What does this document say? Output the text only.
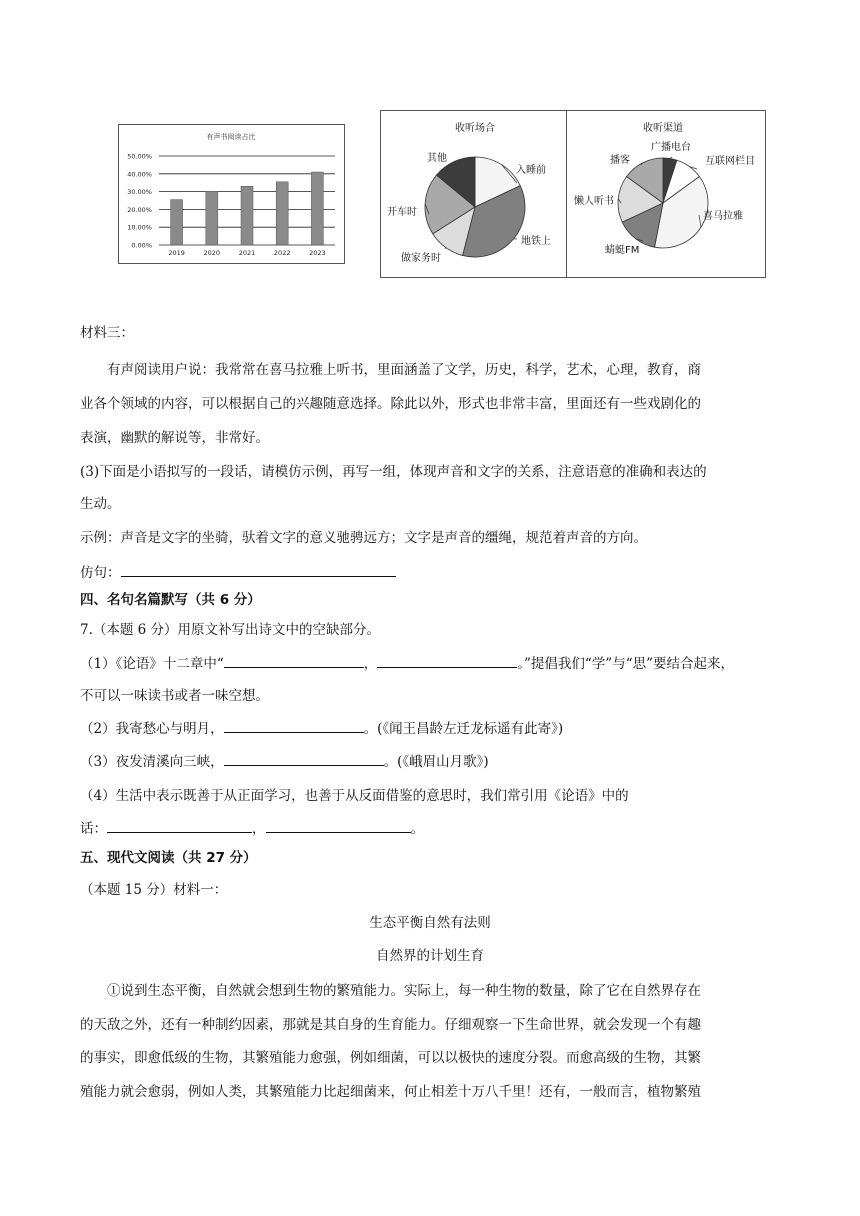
有声书阅读占比
50.00%
40.00%
30.00%
20.00%
10.00%
0.00%
2019	2020	2021	2022	2023
收听场合
入睡前
地铁上
做家务时
开车时
其他
收听渠道
广播电台
互联网栏目
喜马拉雅
蜻蜓FM
懒人听书
播客
材料三：
有声阅读用户说：我常常在喜马拉雅上听书，里面涵盖了文学，历史，科学，艺术，心理，教育，商
业各个领域的内容，可以根据自己的兴趣随意选择。除此以外，形式也非常丰富，里面还有一些戏剧化的
表演，幽默的解说等，非常好。
(3)下面是小语拟写的一段话，请模仿示例，再写一组，体现声音和文字的关系，注意语意的准确和表达的
生动。
示例：声音是文字的坐骑，驮着文字的意义驰骋远方；文字是声音的缰绳，规范着声音的方向。
仿句：
四、名句名篇默写（共 6 分）
7.（本题 6 分）用原文补写出诗文中的空缺部分。
（1）《论语》十二章中“	，	。”提倡我们“学”与“思”要结合起来，
不可以一味读书或者一味空想。
（2）我寄愁心与明月，	。(《闻王昌龄左迁龙标遥有此寄》)
（3）夜发清溪向三峡，	。(《峨眉山月歌》)
（4）生活中表示既善于从正面学习，也善于从反面借鉴的意思时，我们常引用《论语》中的
话：	，	。
五、现代文阅读（共 27 分）
（本题 15 分）材料一：
生态平衡自然有法则
自然界的计划生育
①说到生态平衡，自然就会想到生物的繁殖能力。实际上，每一种生物的数量，除了它在自然界存在
的天敌之外，还有一种制约因素，那就是其自身的生育能力。仔细观察一下生命世界，就会发现一个有趣
的事实，即愈低级的生物，其繁殖能力愈强，例如细菌，可以以极快的速度分裂。而愈高级的生物，其繁
殖能力就会愈弱，例如人类，其繁殖能力比起细菌来，何止相差十万八千里！还有，一般而言，植物繁殖
